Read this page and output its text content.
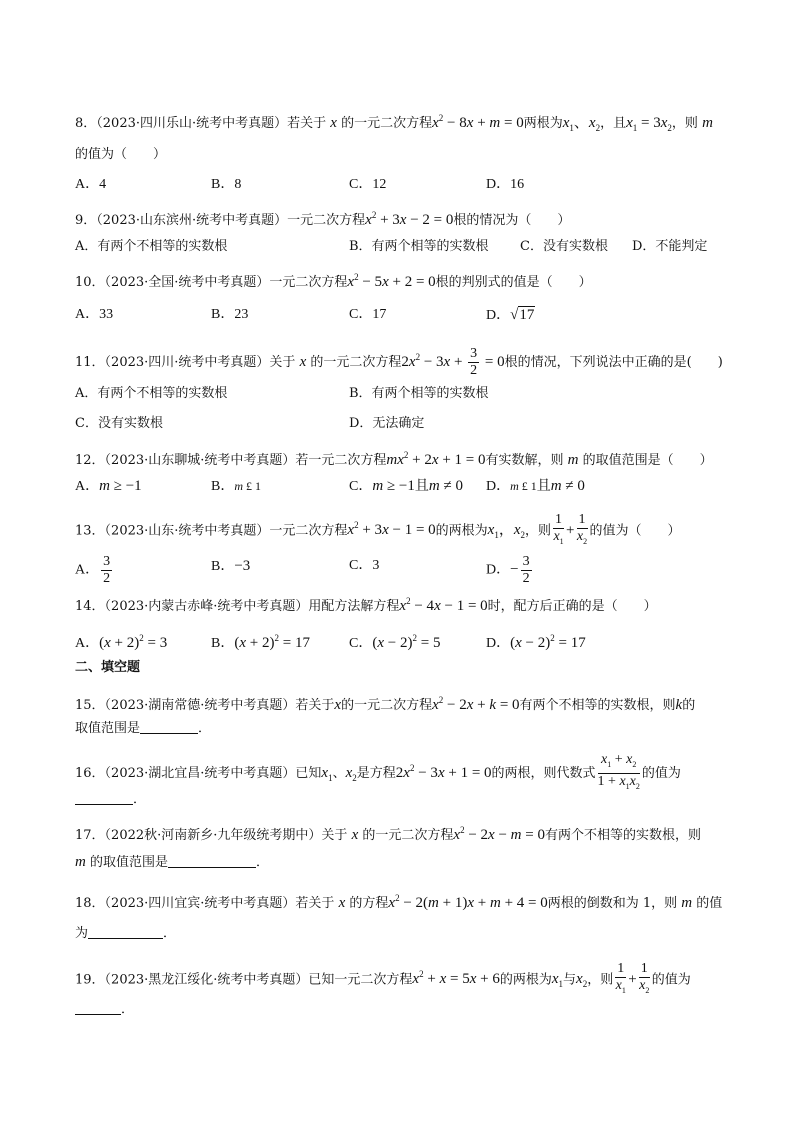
8．（2023·四川乐山·统考中考真题）若关于 x 的一元二次方程$x^2 - 8x + m = 0$两根为$x_1$、$x_2$，且$x_1 = 3x_2$，则 m
的值为（　　）
A．4	B．8	C．12	D．16
9．（2023·山东滨州·统考中考真题）一元二次方程$x^2 + 3x - 2 = 0$根的情况为（　　）
A．有两个不相等的实数根	B．有两个相等的实数根 C．没有实数根 D．不能判定
10．（2023·全国·统考中考真题）一元二次方程$x^2 - 5x + 2 = 0$根的判别式的值是（　　）
A．33	B．23	C．17	D．√17
11．（2023·四川·统考中考真题）关于 x 的一元二次方程$2x^2 - 3x + \frac{3}{2} = 0$根的情况，下列说法中正确的是(　　)
A．有两个不相等的实数根	B．有两个相等的实数根
C．没有实数根	D．无法确定
12．（2023·山东聊城·统考中考真题）若一元二次方程$mx^2 + 2x + 1 = 0$有实数解，则 m 的取值范围是（　　）
A．m ≥ −1	B．m £ 1	C．m ≥ −1且m ≠ 0 D．m £ 1且m ≠ 0
13．（2023·山东·统考中考真题）一元二次方程$x^2 + 3x - 1 = 0$的两根为$x_1$，$x_2$，则 $\frac{1}{x_1} + \frac{1}{x_2}$ 的值为（　　）
A． $\frac{3}{2}$	B．−3	C．3	D．− $\frac{3}{2}$
14．（2023·内蒙古赤峰·统考中考真题）用配方法解方程$x^2 - 4x - 1 = 0$时，配方后正确的是（　　）
A．$(x + 2)^2 = 3$	B．$(x + 2)^2 = 17$	C．$(x - 2)^2 = 5$	D．$(x - 2)^2 = 17$
二、填空题
15．（2023·湖南常德·统考中考真题）若关于x的一元二次方程$x^2 - 2x + k = 0$有两个不相等的实数根，则k的
取值范围是	．
16．（2023·湖北宜昌·统考中考真题）已知$x_1$、$x_2$是方程$2x^2 - 3x + 1 = 0$的两根，则代数式 $\frac{x_1 + x_2}{1 + x_1x_2}$ 的值为
．
17．（2022秋·河南新乡·九年级统考期中）关于 x 的一元二次方程$x^2 - 2x - m = 0$有两个不相等的实数根，则
m 的取值范围是	．
18．（2023·四川宜宾·统考中考真题）若关于 x 的方程$x^2 - 2(m + 1)x + m + 4 = 0$两根的倒数和为 1，则 m 的值
为	．
19．（2023·黑龙江绥化·统考中考真题）已知一元二次方程$x^2 + x = 5x + 6$的两根为$x_1$与$x_2$，则 $\frac{1}{x_1} + \frac{1}{x_2}$ 的值为
．
